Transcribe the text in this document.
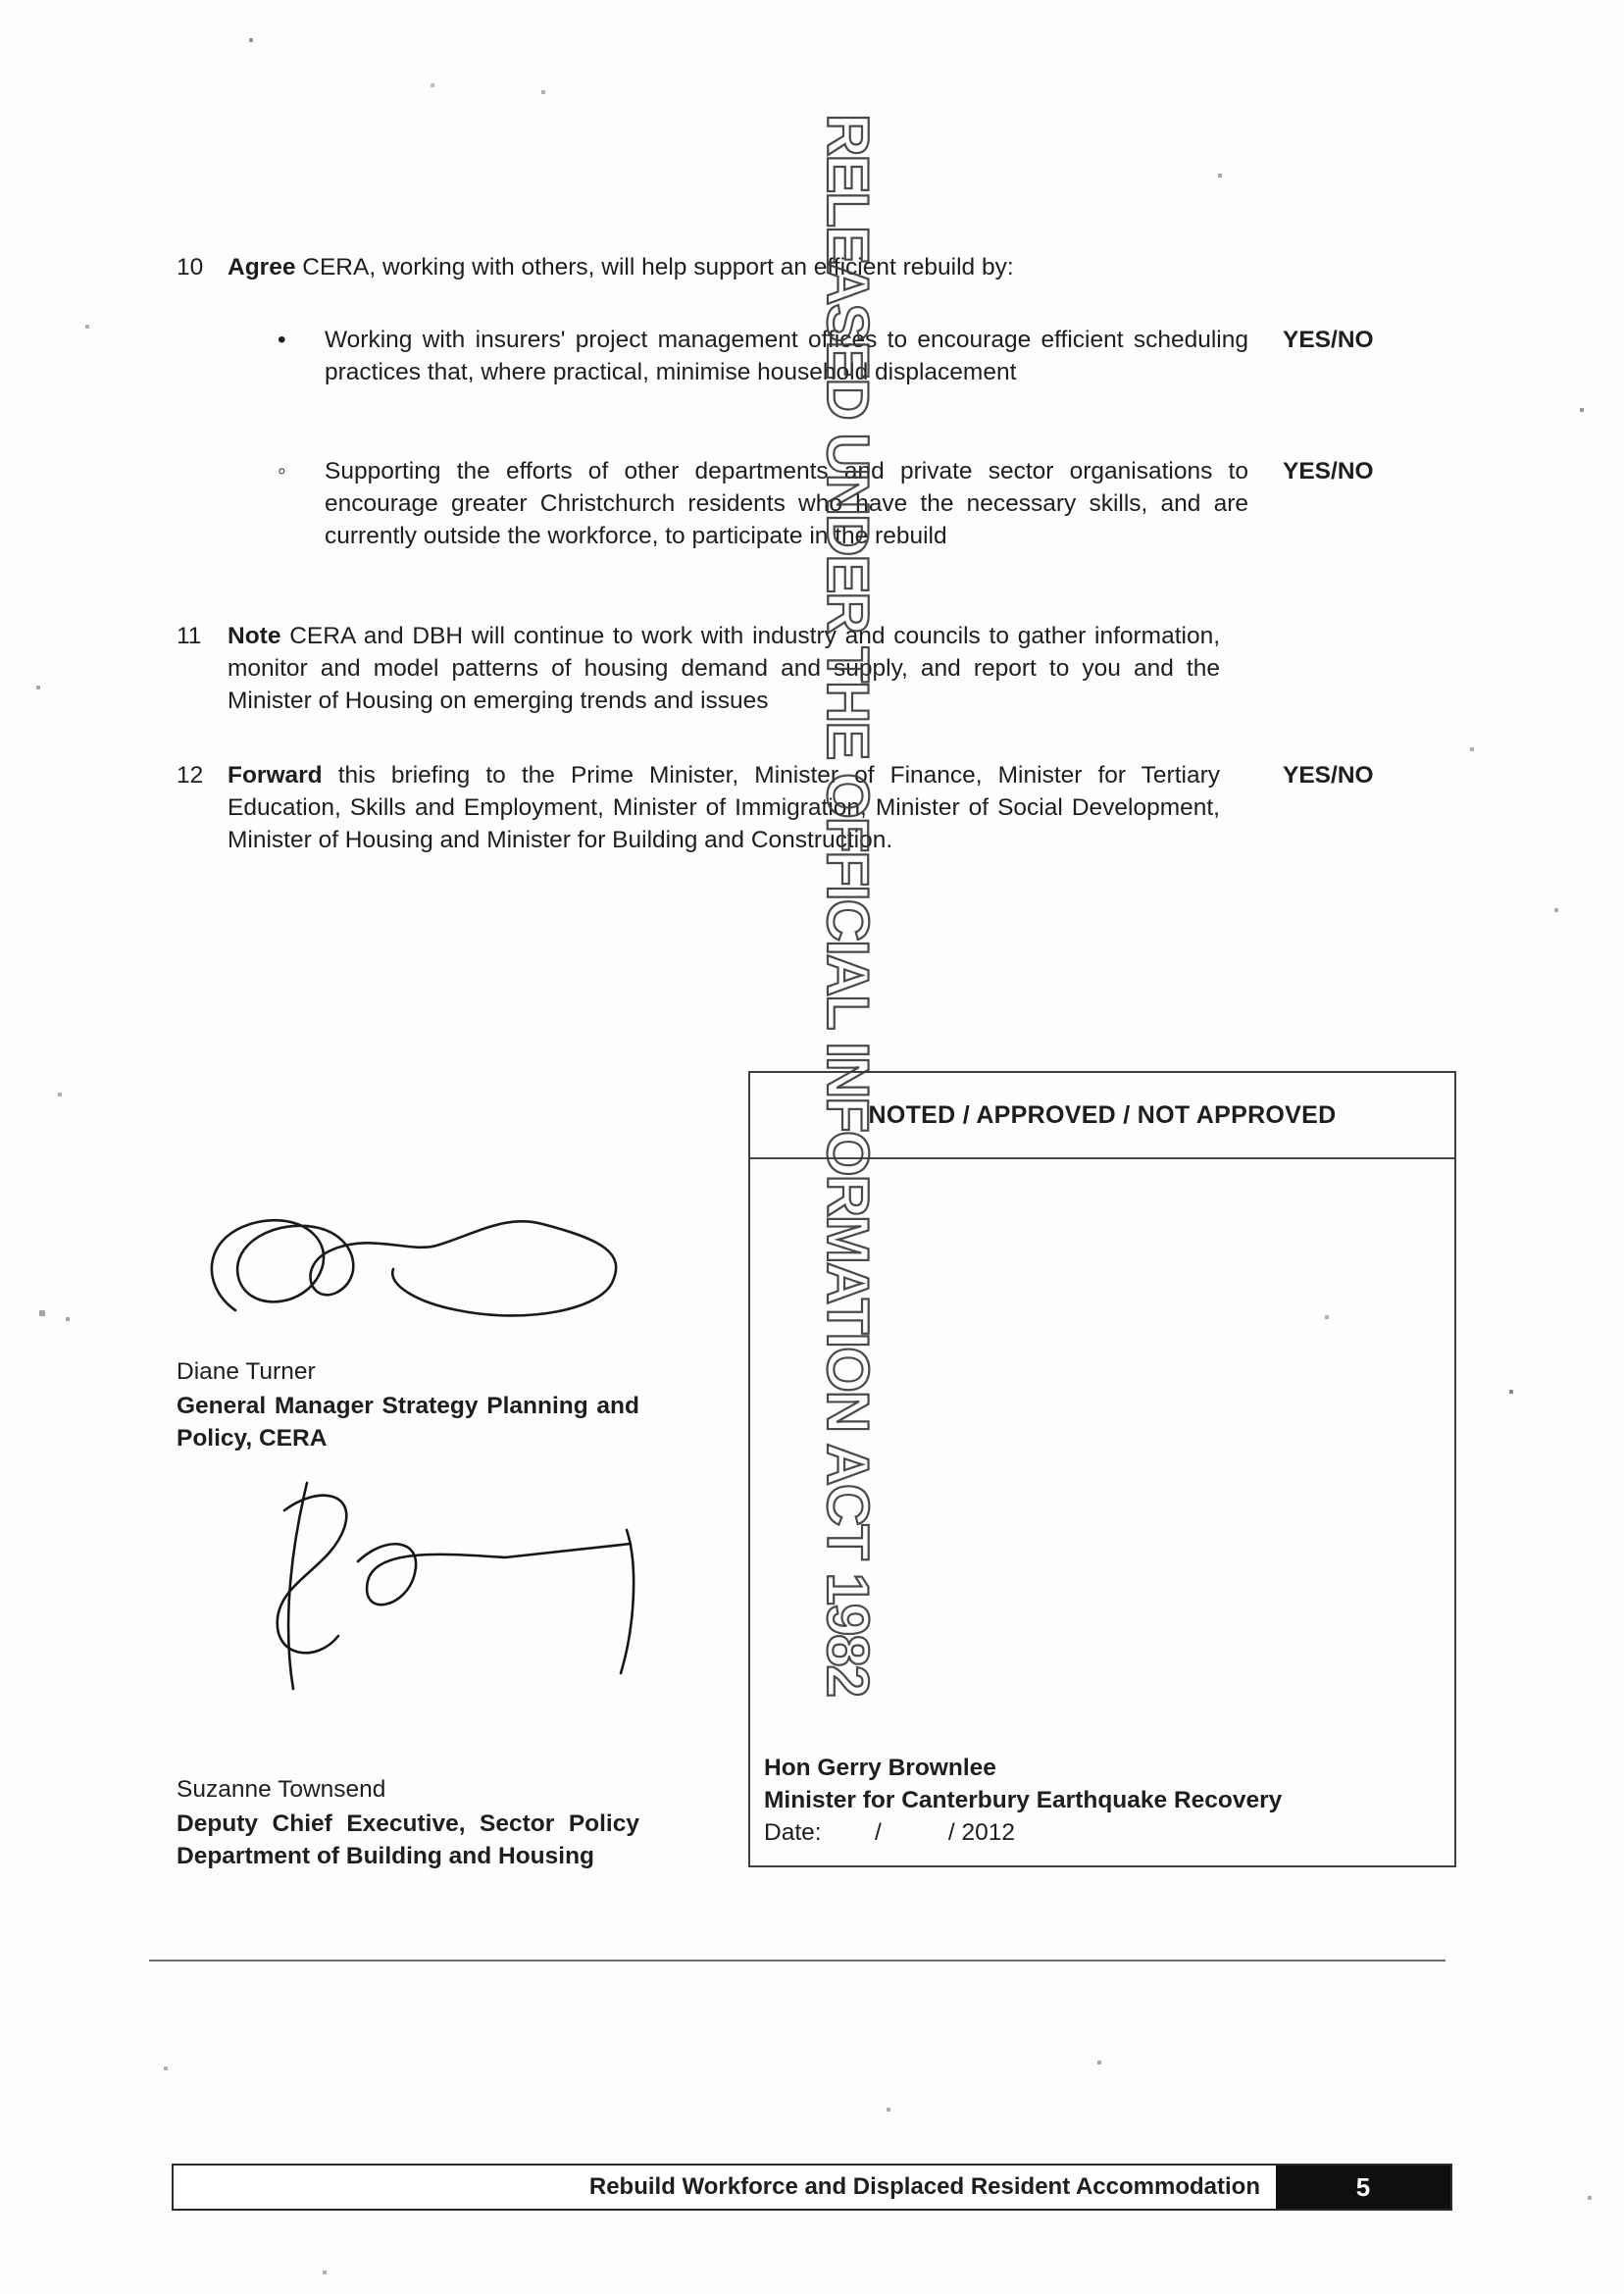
RELEASED UNDER THE OFFICIAL INFORMATION ACT 1982
10 Agree CERA, working with others, will help support an efficient rebuild by:

• Working with insurers' project management offices to encourage efficient scheduling practices that, where practical, minimise household displacement

YES/NO
◦ Supporting the efforts of other departments and private sector organisations to encourage greater Christchurch residents who have the necessary skills, and are currently outside the workforce, to participate in the rebuild

YES/NO
11 Note CERA and DBH will continue to work with industry and councils to gather information, monitor and model patterns of housing demand and supply, and report to you and the Minister of Housing on emerging trends and issues

12 Forward this briefing to the Prime Minister, Minister of Finance, Minister for Tertiary Education, Skills and Employment, Minister of Immigration, Minister of Social Development, Minister of Housing and Minister for Building and Construction.

YES/NO
NOTED / APPROVED / NOT APPROVED
Hon Gerry Brownlee
Minister for Canterbury Earthquake Recovery
Date:        /          / 2012
Diane Turner
General Manager Strategy Planning and
Policy, CERA
Suzanne Townsend
Deputy Chief Executive, Sector Policy
Department of Building and Housing
Rebuild Workforce and Displaced Resident Accommodation	5
